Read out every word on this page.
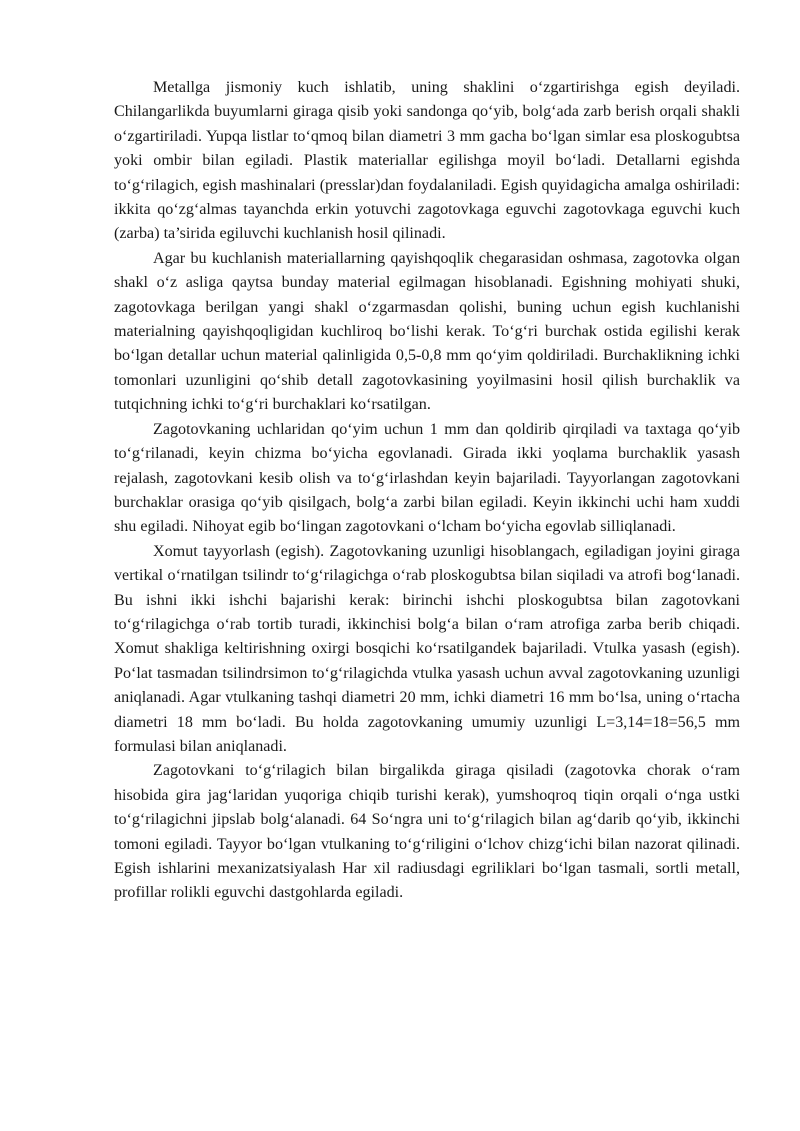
Metallga jismoniy kuch ishlatib, uning shaklini o‘zgartirishga egish deyiladi. Chilangarlikda buyumlarni giraga qisib yoki sandonga qo‘yib, bolg‘ada zarb berish orqali shakli o‘zgartiriladi. Yupqa listlar to‘qmoq bilan diametri 3 mm gacha bo‘lgan simlar esa ploskogubtsa yoki ombir bilan egiladi. Plastik materiallar egilishga moyil bo‘ladi. Detallarni egishda to‘g‘rilagich, egish mashinalari (presslar)dan foydalaniladi. Egish quyidagicha amalga oshiriladi: ikkita qo‘zg‘almas tayanchda erkin yotuvchi zagotovkaga eguvchi zagotovkaga eguvchi kuch (zarba) ta’sirida egiluvchi kuchlanish hosil qilinadi.

Agar bu kuchlanish materiallarning qayishqoqlik chegarasidan oshmasa, zagotovka olgan shakl o‘z asliga qaytsa bunday material egilmagan hisoblanadi. Egishning mohiyati shuki, zagotovkaga berilgan yangi shakl o‘zgarmasdan qolishi, buning uchun egish kuchlanishi materialning qayishqoqligidan kuchliroq bo‘lishi kerak. To‘g‘ri burchak ostida egilishi kerak bo‘lgan detallar uchun material qalinligida 0,5-0,8 mm qo‘yim qoldiriladi. Burchaklikning ichki tomonlari uzunligini qo‘shib detall zagotovkasining yoyilmasini hosil qilish burchaklik va tutqichning ichki to‘g‘ri burchaklari ko‘rsatilgan.

Zagotovkaning uchlaridan qo‘yim uchun 1 mm dan qoldirib qirqiladi va taxtaga qo‘yib to‘g‘rilanadi, keyin chizma bo‘yicha egovlanadi. Girada ikki yoqlama burchaklik yasash rejalash, zagotovkani kesib olish va to‘g‘irlashdan keyin bajariladi. Tayyorlangan zagotovkani burchaklar orasiga qo‘yib qisilgach, bolg‘a zarbi bilan egiladi. Keyin ikkinchi uchi ham xuddi shu egiladi. Nihoyat egib bo‘lingan zagotovkani o‘lcham bo‘yicha egovlab silliqlanadi.

Xomut tayyorlash (egish). Zagotovkaning uzunligi hisoblangach, egiladigan joyini giraga vertikal o‘rnatilgan tsilindr to‘g‘rilagichga o‘rab ploskogubtsa bilan siqiladi va atrofi bog‘lanadi. Bu ishni ikki ishchi bajarishi kerak: birinchi ishchi ploskogubtsa bilan zagotovkani to‘g‘rilagichga o‘rab tortib turadi, ikkinchisi bolg‘a bilan o‘ram atrofiga zarba berib chiqadi. Xomut shakliga keltirishning oxirgi bosqichi ko‘rsatilgandek bajariladi. Vtulka yasash (egish). Po‘lat tasmadan tsilindrsimon to‘g‘rilagichda vtulka yasash uchun avval zagotovkaning uzunligi aniqlanadi. Agar vtulkaning tashqi diametri 20 mm, ichki diametri 16 mm bo‘lsa, uning o‘rtacha diametri 18 mm bo‘ladi. Bu holda zagotovkaning umumiy uzunligi L=3,14=18=56,5 mm formulasi bilan aniqlanadi.

Zagotovkani to‘g‘rilagich bilan birgalikda giraga qisiladi (zagotovka chorak o‘ram hisobida gira jag‘laridan yuqoriga chiqib turishi kerak), yumshoqroq tiqin orqali o‘nga ustki to‘g‘rilagichni jipslab bolg‘alanadi. 64 So‘ngra uni to‘g‘rilagich bilan ag‘darib qo‘yib, ikkinchi tomoni egiladi. Tayyor bo‘lgan vtulkaning to‘g‘riligini o‘lchov chizg‘ichi bilan nazorat qilinadi. Egish ishlarini mexanizatsiyalash Har xil radiusdagi egriliklari bo‘lgan tasmali, sortli metall, profillar rolikli eguvchi dastgohlarda egiladi.
